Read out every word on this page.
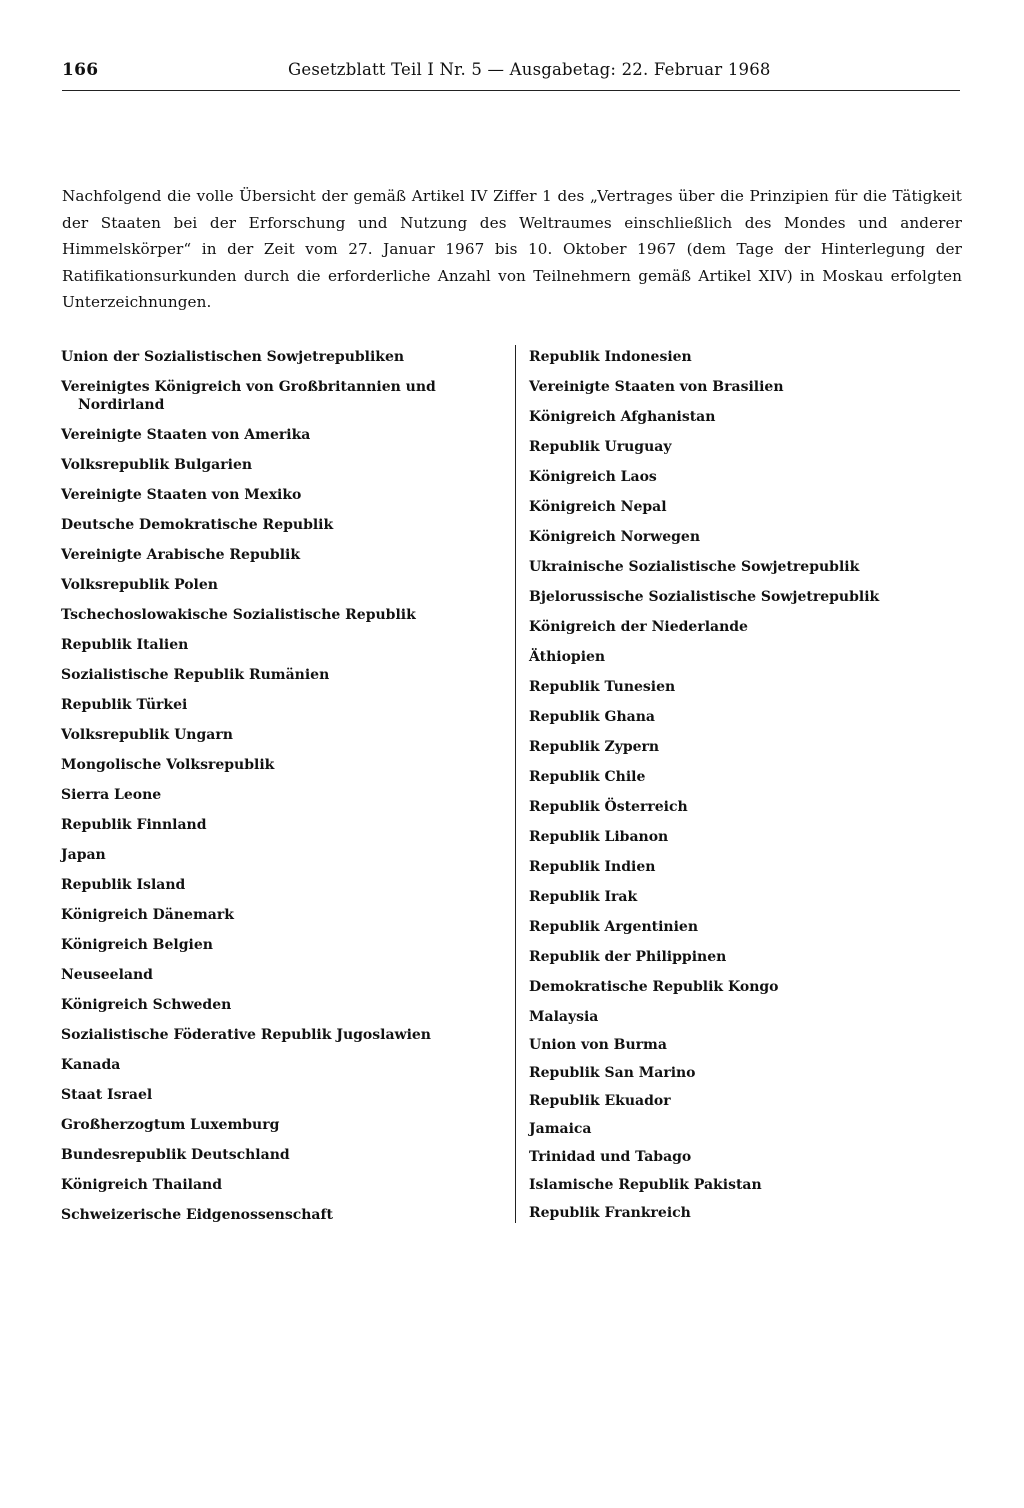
166	Gesetzblatt Teil I Nr. 5 — Ausgabetag: 22. Februar 1968

Nachfolgend die volle Übersicht der gemäß Artikel IV Ziffer 1 des „Vertrages über die Prinzipien für die Tätigkeit der Staaten bei der Erforschung und Nutzung des Weltraumes einschließlich des Mondes und anderer Himmelskörper“ in der Zeit vom 27. Januar 1967 bis 10. Oktober 1967 (dem Tage der Hinterlegung der Ratifikationsurkunden durch die erforderliche Anzahl von Teilnehmern gemäß Artikel XIV) in Moskau erfolgten Unterzeichnungen.

Union der Sozialistischen Sowjetrepubliken
Vereinigtes Königreich von Großbritannien und
Nordirland
Vereinigte Staaten von Amerika
Volksrepublik Bulgarien
Vereinigte Staaten von Mexiko
Deutsche Demokratische Republik
Vereinigte Arabische Republik
Volksrepublik Polen
Tschechoslowakische Sozialistische Republik
Republik Italien
Sozialistische Republik Rumänien
Republik Türkei
Volksrepublik Ungarn
Mongolische Volksrepublik
Sierra Leone
Republik Finnland
Japan
Republik Island
Königreich Dänemark
Königreich Belgien
Neuseeland
Königreich Schweden
Sozialistische Föderative Republik Jugoslawien
Kanada
Staat Israel
Großherzogtum Luxemburg
Bundesrepublik Deutschland
Königreich Thailand
Schweizerische Eidgenossenschaft
Republik Indonesien
Vereinigte Staaten von Brasilien
Königreich Afghanistan
Republik Uruguay
Königreich Laos
Königreich Nepal
Königreich Norwegen
Ukrainische Sozialistische Sowjetrepublik
Bjelorussische Sozialistische Sowjetrepublik
Königreich der Niederlande
Äthiopien
Republik Tunesien
Republik Ghana
Republik Zypern
Republik Chile
Republik Österreich
Republik Libanon
Republik Indien
Republik Irak
Republik Argentinien
Republik der Philippinen
Demokratische Republik Kongo
Malaysia
Union von Burma
Republik San Marino
Republik Ekuador
Jamaica
Trinidad und Tabago
Islamische Republik Pakistan
Republik Frankreich
